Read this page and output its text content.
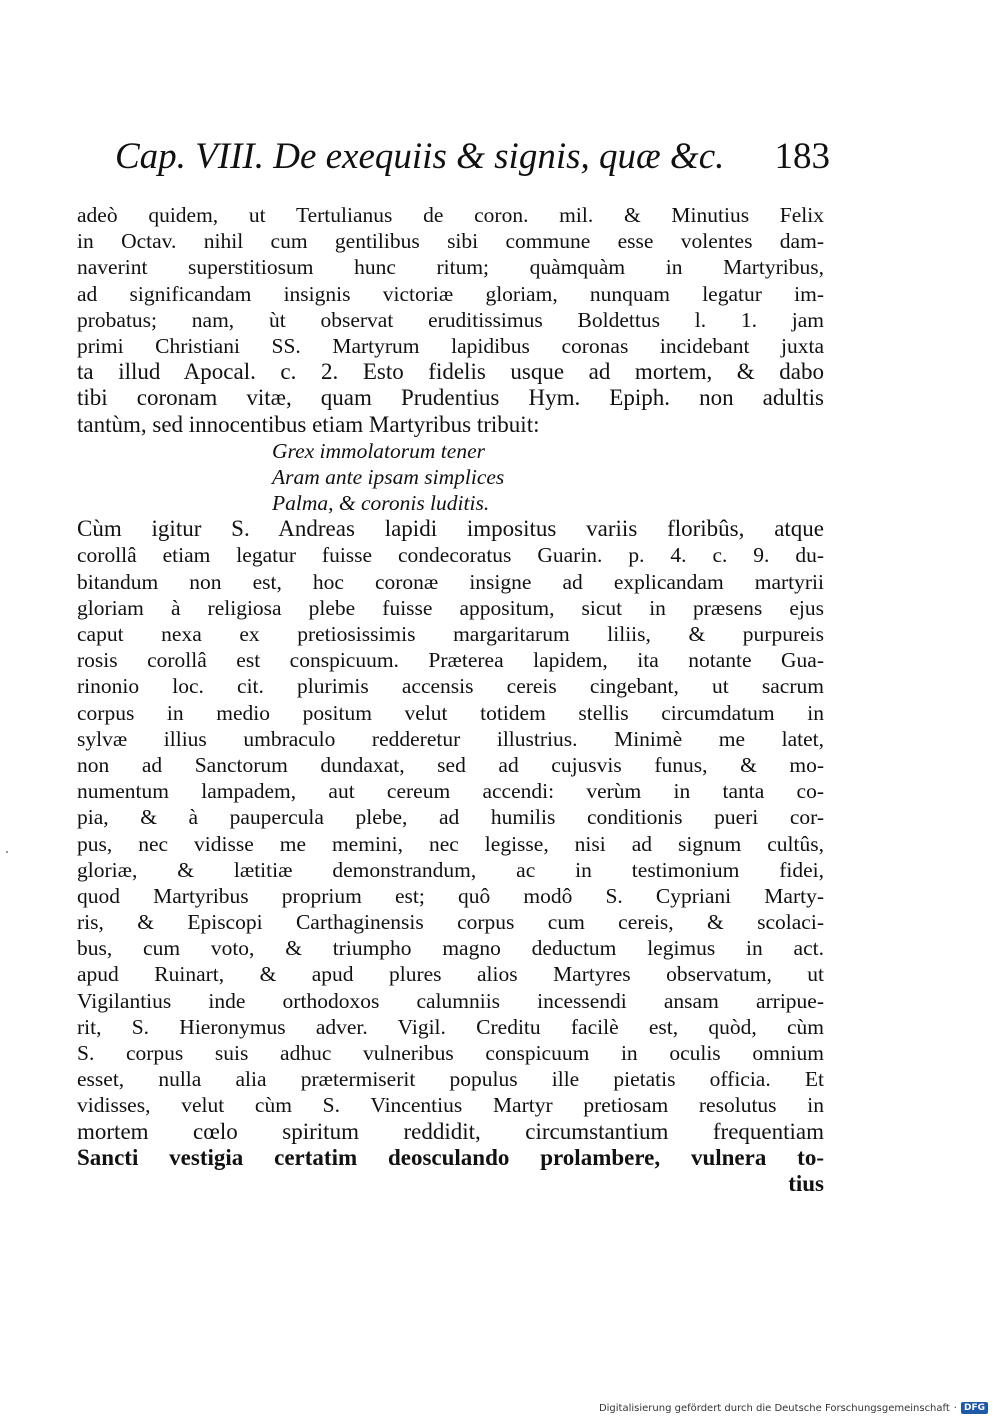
Cap. VIII. De exequiis & signis, quæ &c. 183
adeò quidem, ut Tertulianus de coron. mil. & Minutius Felix
in Octav. nihil cum gentilibus sibi commune esse volentes dam-
naverint superstitiosum hunc ritum; quàmquàm in Martyribus,
ad significandam insignis victoriæ gloriam, nunquam legatur im-
probatus; nam, ùt observat eruditissimus Boldettus l. 1. jam
primi Christiani SS. Martyrum lapidibus coronas incidebant juxta
ta illud Apocal. c. 2. Esto fidelis usque ad mortem, & dabo
tibi coronam vitæ, quam Prudentius Hym. Epiph. non adultis
tantùm, sed innocentibus etiam Martyribus tribuit:
Grex immolatorum tener
Aram ante ipsam simplices
Palma, & coronis luditis.
Cùm igitur S. Andreas lapidi impositus variis floribûs, atque
corollâ etiam legatur fuisse condecoratus Guarin. p. 4. c. 9. du-
bitandum non est, hoc coronæ insigne ad explicandam martyrii
gloriam à religiosa plebe fuisse appositum, sicut in præsens ejus
caput nexa ex pretiosissimis margaritarum liliis, & purpureis
rosis corollâ est conspicuum. Præterea lapidem, ita notante Gua-
rinonio loc. cit. plurimis accensis cereis cingebant, ut sacrum
corpus in medio positum velut totidem stellis circumdatum in
sylvæ illius umbraculo redderetur illustrius. Minimè me latet,
non ad Sanctorum dundaxat, sed ad cujusvis funus, & mo-
numentum lampadem, aut cereum accendi: verùm in tanta co-
pia, & à paupercula plebe, ad humilis conditionis pueri cor-
pus, nec vidisse me memini, nec legisse, nisi ad signum cultûs,
gloriæ, & lætitiæ demonstrandum, ac in testimonium fidei,
quod Martyribus proprium est; quô modô S. Cypriani Marty-
ris, & Episcopi Carthaginensis corpus cum cereis, & scolaci-
bus, cum voto, & triumpho magno deductum legimus in act.
apud Ruinart, & apud plures alios Martyres observatum, ut
Vigilantius inde orthodoxos calumniis incessendi ansam arripue-
rit, S. Hieronymus adver. Vigil. Creditu facilè est, quòd, cùm
S. corpus suis adhuc vulneribus conspicuum in oculis omnium
esset, nulla alia prætermiserit populus ille pietatis officia. Et
vidisses, velut cùm S. Vincentius Martyr pretiosam resolutus in
mortem cœlo spiritum reddidit, circumstantium frequentiam
Sancti vestigia certatim deosculando prolambere, vulnera to-
tius
Digitalisierung gefördert durch die Deutsche Forschungsgemeinschaft · DFG
